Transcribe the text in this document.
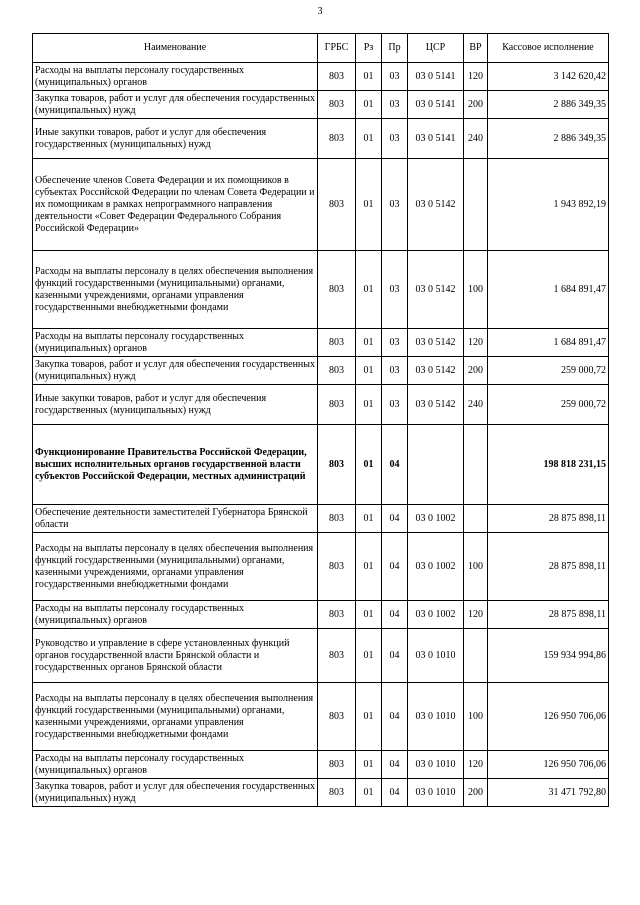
3
Наименование	ГРБС	Рз	Пр	ЦСР	ВР	Кассовое исполнение
Расходы на выплаты персоналу государственных (муниципальных) органов	803	01	03	03 0 5141	120	3 142 620,42
Закупка товаров, работ и услуг для обеспечения государственных (муниципальных) нужд	803	01	03	03 0 5141	200	2 886 349,35
Иные закупки товаров, работ и услуг для обеспечения государственных (муниципальных) нужд	803	01	03	03 0 5141	240	2 886 349,35
Обеспечение членов Совета Федерации и их помощников в субъектах Российской Федерации по членам Совета Федерации и их помощникам в рамках непрограммного направления деятельности «Совет Федерации Федерального Собрания Российской Федерации»	803	01	03	03 0 5142		1 943 892,19
Расходы на выплаты персоналу в целях обеспечения выполнения функций государственными (муниципальными) органами, казенными учреждениями, органами управления государственными внебюджетными фондами	803	01	03	03 0 5142	100	1 684 891,47
Расходы на выплаты персоналу государственных (муниципальных) органов	803	01	03	03 0 5142	120	1 684 891,47
Закупка товаров, работ и услуг для обеспечения государственных (муниципальных) нужд	803	01	03	03 0 5142	200	259 000,72
Иные закупки товаров, работ и услуг для обеспечения государственных (муниципальных) нужд	803	01	03	03 0 5142	240	259 000,72
Функционирование Правительства Российской Федерации, высших исполнительных органов государственной власти субъектов Российской Федерации, местных администраций	803	01	04			198 818 231,15
Обеспечение деятельности заместителей Губернатора Брянской области	803	01	04	03 0 1002		28 875 898,11
Расходы на выплаты персоналу в целях обеспечения выполнения функций государственными (муниципальными) органами, казенными учреждениями, органами управления государственными внебюджетными фондами	803	01	04	03 0 1002	100	28 875 898,11
Расходы на выплаты персоналу государственных (муниципальных) органов	803	01	04	03 0 1002	120	28 875 898,11
Руководство и управление в сфере установленных функций органов государственной власти Брянской области и государственных органов Брянской области	803	01	04	03 0 1010		159 934 994,86
Расходы на выплаты персоналу в целях обеспечения выполнения функций государственными (муниципальными) органами, казенными учреждениями, органами управления государственными внебюджетными фондами	803	01	04	03 0 1010	100	126 950 706,06
Расходы на выплаты персоналу государственных (муниципальных) органов	803	01	04	03 0 1010	120	126 950 706,06
Закупка товаров, работ и услуг для обеспечения государственных (муниципальных) нужд	803	01	04	03 0 1010	200	31 471 792,80
